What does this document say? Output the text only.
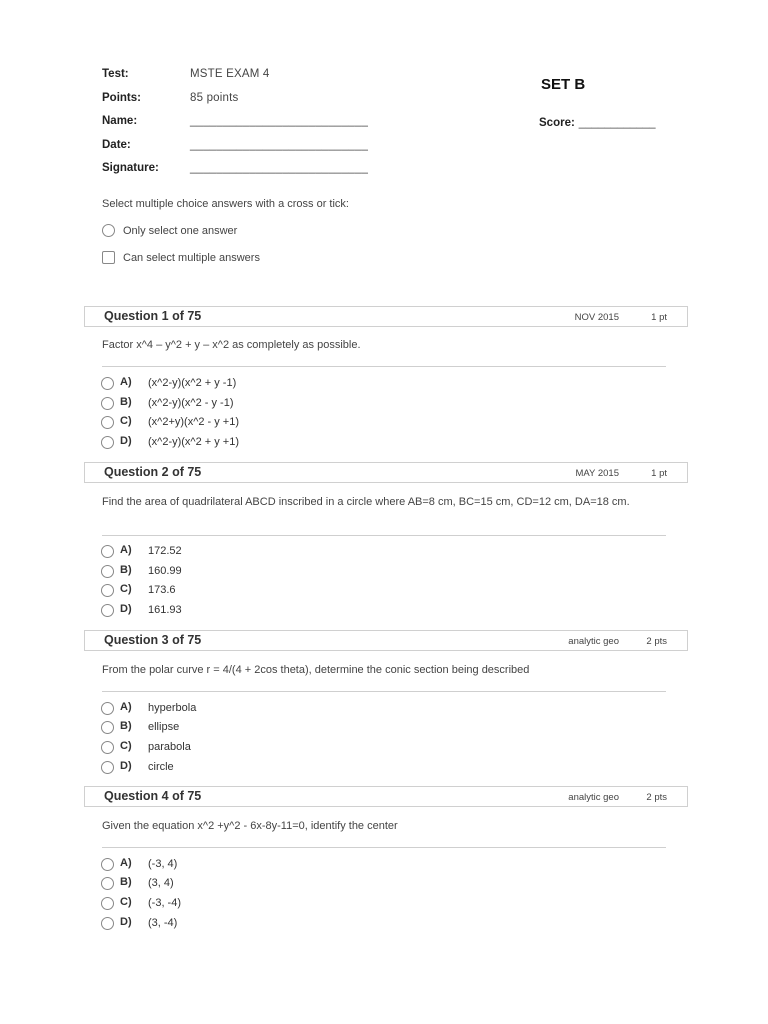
Test:	MSTE EXAM 4
Points:	85 points
Name:	___________________________
Date:	___________________________
Signature:	___________________________
SET B
Score: ____________
Select multiple choice answers with a cross or tick:
Only select one answer
Can select multiple answers
Question 1 of 75	NOV 2015	1 pt
Factor x^4 – y^2 + y – x^2 as completely as possible.
A) (x^2-y)(x^2 + y -1)
B) (x^2-y)(x^2 - y -1)
C) (x^2+y)(x^2 - y +1)
D) (x^2-y)(x^2 + y +1)
Question 2 of 75	MAY 2015	1 pt
Find the area of quadrilateral ABCD inscribed in a circle where AB=8 cm, BC=15 cm, CD=12 cm, DA=18 cm.
A) 172.52
B) 160.99
C) 173.6
D) 161.93
Question 3 of 75	analytic geo	2 pts
From the polar curve r = 4/(4 + 2cos theta), determine the conic section being described
A) hyperbola
B) ellipse
C) parabola
D) circle
Question 4 of 75	analytic geo	2 pts
Given the equation x^2 +y^2 - 6x-8y-11=0, identify the center
A) (-3, 4)
B) (3, 4)
C) (-3, -4)
D) (3, -4)
